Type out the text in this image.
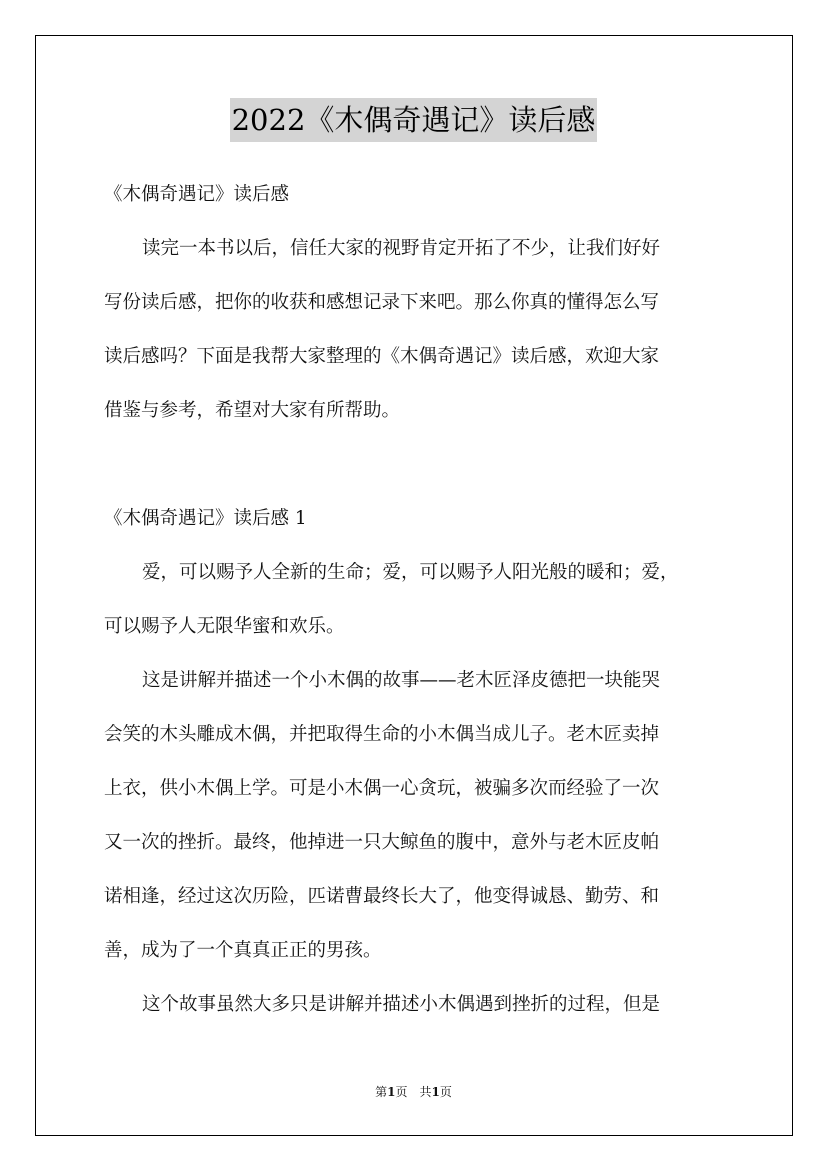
2022《木偶奇遇记》读后感
《木偶奇遇记》读后感
读完一本书以后，信任大家的视野肯定开拓了不少，让我们好好
写份读后感，把你的收获和感想记录下来吧。那么你真的懂得怎么写
读后感吗？下面是我帮大家整理的《木偶奇遇记》读后感，欢迎大家
借鉴与参考，希望对大家有所帮助。
《木偶奇遇记》读后感 1
爱，可以赐予人全新的生命；爱，可以赐予人阳光般的暖和；爱，
可以赐予人无限华蜜和欢乐。
这是讲解并描述一个小木偶的故事——老木匠泽皮德把一块能哭
会笑的木头雕成木偶，并把取得生命的小木偶当成儿子。老木匠卖掉
上衣，供小木偶上学。可是小木偶一心贪玩，被骗多次而经验了一次
又一次的挫折。最终，他掉进一只大鲸鱼的腹中，意外与老木匠皮帕
诺相逢，经过这次历险，匹诺曹最终长大了，他变得诚恳、勤劳、和
善，成为了一个真真正正的男孩。
这个故事虽然大多只是讲解并描述小木偶遇到挫折的过程，但是
第1页　共1页
